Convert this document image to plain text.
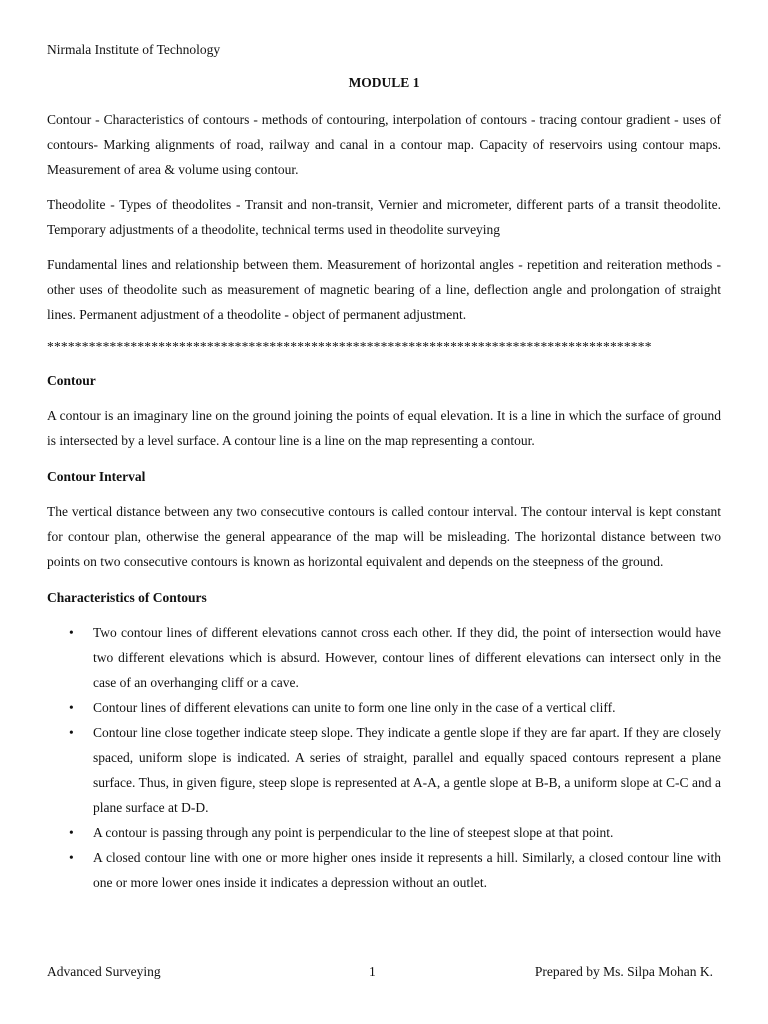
Nirmala Institute of Technology
MODULE 1

Contour - Characteristics of contours - methods of contouring, interpolation of contours - tracing contour gradient - uses of contours- Marking alignments of road, railway and canal in a contour map. Capacity of reservoirs using contour maps. Measurement of area & volume using contour.

Theodolite - Types of theodolites - Transit and non-transit, Vernier and micrometer, different parts of a transit theodolite. Temporary adjustments of a theodolite, technical terms used in theodolite surveying

Fundamental lines and relationship between them. Measurement of horizontal angles - repetition and reiteration methods - other uses of theodolite such as measurement of magnetic bearing of a line, deflection angle and prolongation of straight lines. Permanent adjustment of a theodolite - object of permanent adjustment.

***************************************************************************************
Contour

A contour is an imaginary line on the ground joining the points of equal elevation. It is a line in which the surface of ground is intersected by a level surface. A contour line is a line on the map representing a contour.

Contour Interval

The vertical distance between any two consecutive contours is called contour interval. The contour interval is kept constant for contour plan, otherwise the general appearance of the map will be misleading. The horizontal distance between two points on two consecutive contours is known as horizontal equivalent and depends on the steepness of the ground.

Characteristics of Contours
• Two contour lines of different elevations cannot cross each other. If they did, the point of intersection would have two different elevations which is absurd. However, contour lines of different elevations can intersect only in the case of an overhanging cliff or a cave.
• Contour lines of different elevations can unite to form one line only in the case of a vertical cliff.
• Contour line close together indicate steep slope. They indicate a gentle slope if they are far apart. If they are closely spaced, uniform slope is indicated. A series of straight, parallel and equally spaced contours represent a plane surface. Thus, in given figure, steep slope is represented at A-A, a gentle slope at B-B, a uniform slope at C-C and a plane surface at D-D.
• A contour is passing through any point is perpendicular to the line of steepest slope at that point.
• A closed contour line with one or more higher ones inside it represents a hill. Similarly, a closed contour line with one or more lower ones inside it indicates a depression without an outlet.
Advanced Surveying	1	Prepared by Ms. Silpa Mohan K.
